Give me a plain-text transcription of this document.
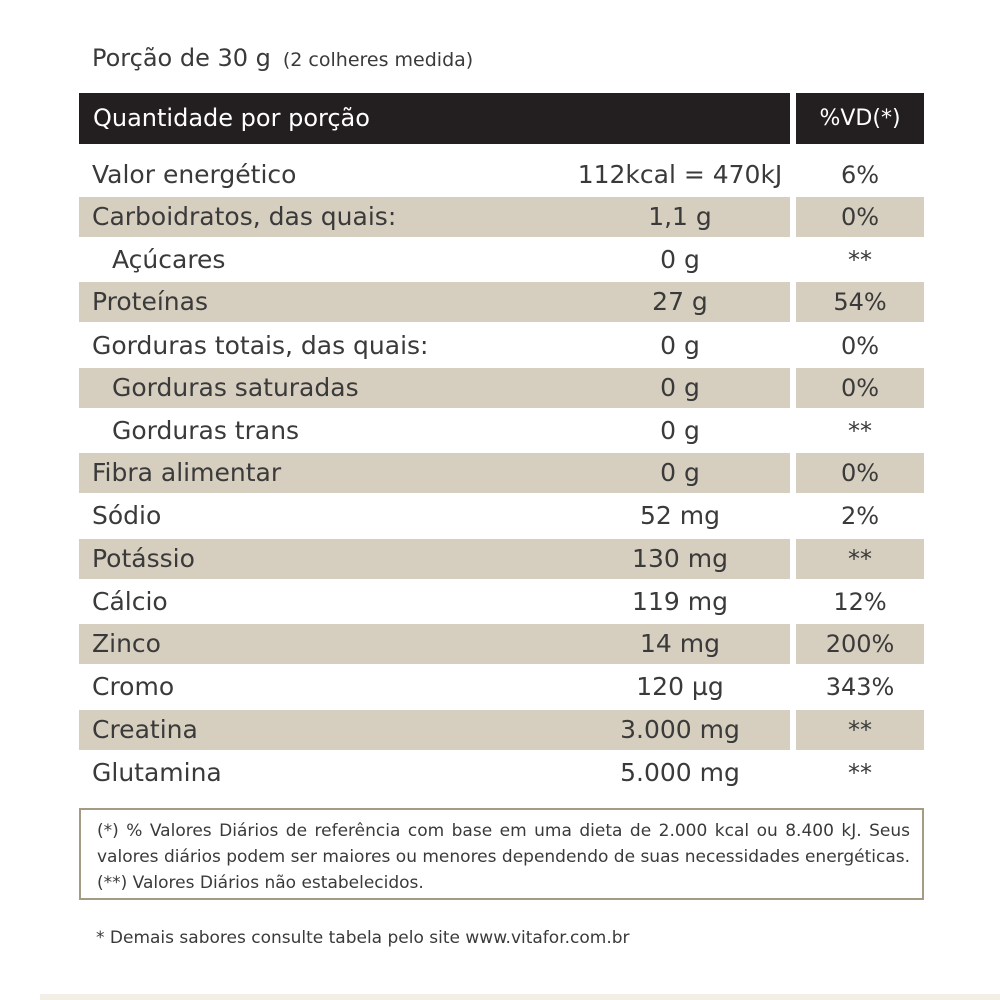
Porção de 30 g (2 colheres medida)
Quantidade por porção	%VD(*)
Valor energético	112kcal = 470kJ	6%
Carboidratos, das quais:	1,1 g	0%
Açúcares	0 g	**
Proteínas	27 g	54%
Gorduras totais, das quais:	0 g	0%
Gorduras saturadas	0 g	0%
Gorduras trans	0 g	**
Fibra alimentar	0 g	0%
Sódio	52 mg	2%
Potássio	130 mg	**
Cálcio	119 mg	12%
Zinco	14 mg	200%
Cromo	120 µg	343%
Creatina	3.000 mg	**
Glutamina	5.000 mg	**
(*) % Valores Diários de referência com base em uma dieta de 2.000 kcal ou 8.400 kJ. Seus valores diários podem ser maiores ou menores dependendo de suas necessidades energéticas. (**) Valores Diários não estabelecidos.
* Demais sabores consulte tabela pelo site www.vitafor.com.br
